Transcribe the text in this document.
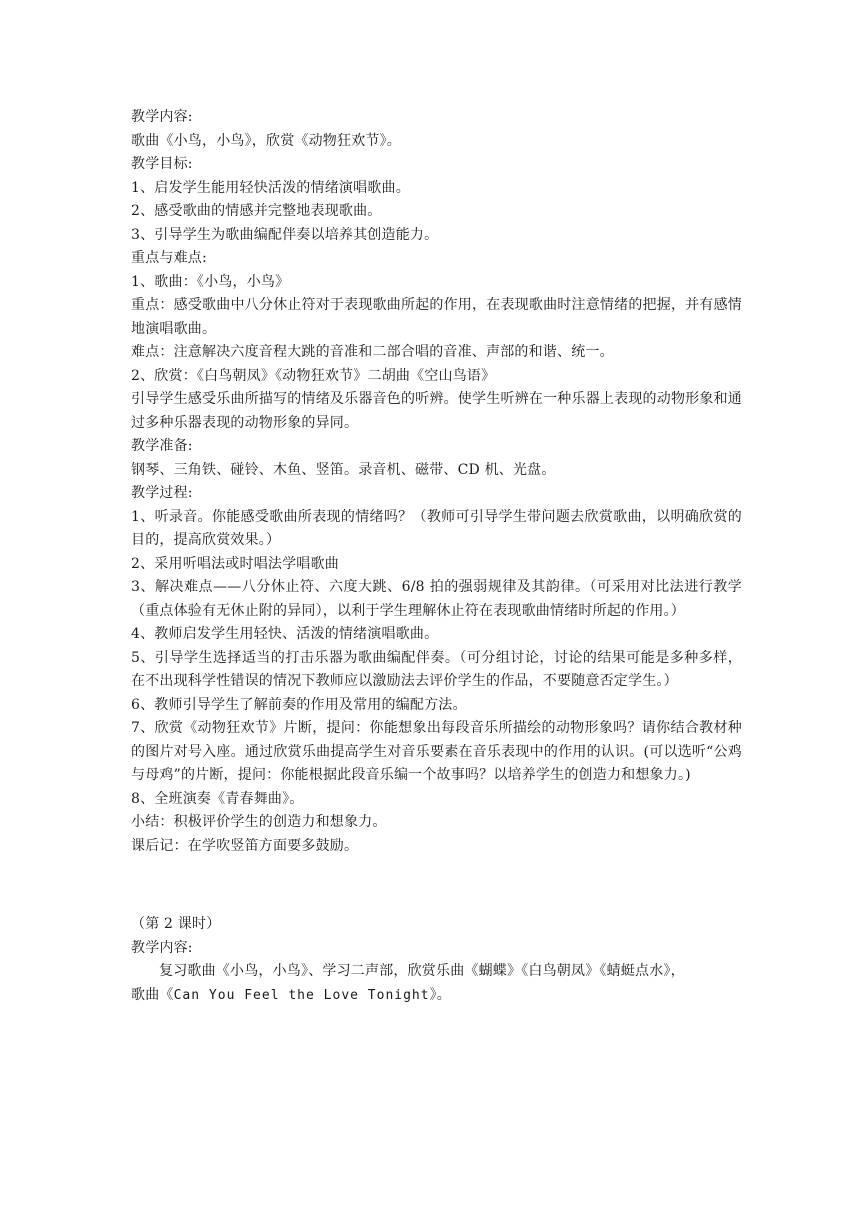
教学内容:

歌曲《小鸟，小鸟》，欣赏《动物狂欢节》。

教学目标:

1、启发学生能用轻快活泼的情绪演唱歌曲。

2、感受歌曲的情感并完整地表现歌曲。

3、引导学生为歌曲编配伴奏以培养其创造能力。

重点与难点:

1、歌曲：《小鸟，小鸟》

重点：感受歌曲中八分休止符对于表现歌曲所起的作用，在表现歌曲时注意情绪的把握，并有感情地演唱歌曲。

难点：注意解决六度音程大跳的音准和二部合唱的音准、声部的和谐、统一。

2、欣赏：《白鸟朝凤》《动物狂欢节》二胡曲《空山鸟语》

引导学生感受乐曲所描写的情绪及乐器音色的听辨。使学生听辨在一种乐器上表现的动物形象和通过多种乐器表现的动物形象的异同。

教学准备:

钢琴、三角铁、碰铃、木鱼、竖笛。录音机、磁带、CD 机、光盘。

教学过程:

1、听录音。你能感受歌曲所表现的情绪吗？（教师可引导学生带问题去欣赏歌曲，以明确欣赏的目的，提高欣赏效果。）

2、采用听唱法或时唱法学唱歌曲

3、解决难点——八分休止符、六度大跳、6/8 拍的强弱规律及其韵律。（可采用对比法进行教学（重点体验有无休止附的异同），以利于学生理解休止符在表现歌曲情绪时所起的作用。）

4、教师启发学生用轻快、活泼的情绪演唱歌曲。

5、引导学生选择适当的打击乐器为歌曲编配伴奏。（可分组讨论，讨论的结果可能是多种多样，在不出现科学性错误的情况下教师应以激励法去评价学生的作品，不要随意否定学生。）

6、教师引导学生了解前奏的作用及常用的编配方法。

7、欣赏《动物狂欢节》片断，提问：你能想象出每段音乐所描绘的动物形象吗？请你结合教材种的图片对号入座。通过欣赏乐曲提高学生对音乐要素在音乐表现中的作用的认识。(可以选听“公鸡与母鸡”的片断，提问：你能根据此段音乐编一个故事吗？以培养学生的创造力和想象力。)

8、全班演奏《青春舞曲》。

小结：积极评价学生的创造力和想象力。

课后记：在学吹竖笛方面要多鼓励。

（第 2 课时）

教学内容:

复习歌曲《小鸟，小鸟》、学习二声部，欣赏乐曲《蝴蝶》《白鸟朝凤》《蜻蜓点水》，

歌曲《Can You Feel the Love Tonight》。
